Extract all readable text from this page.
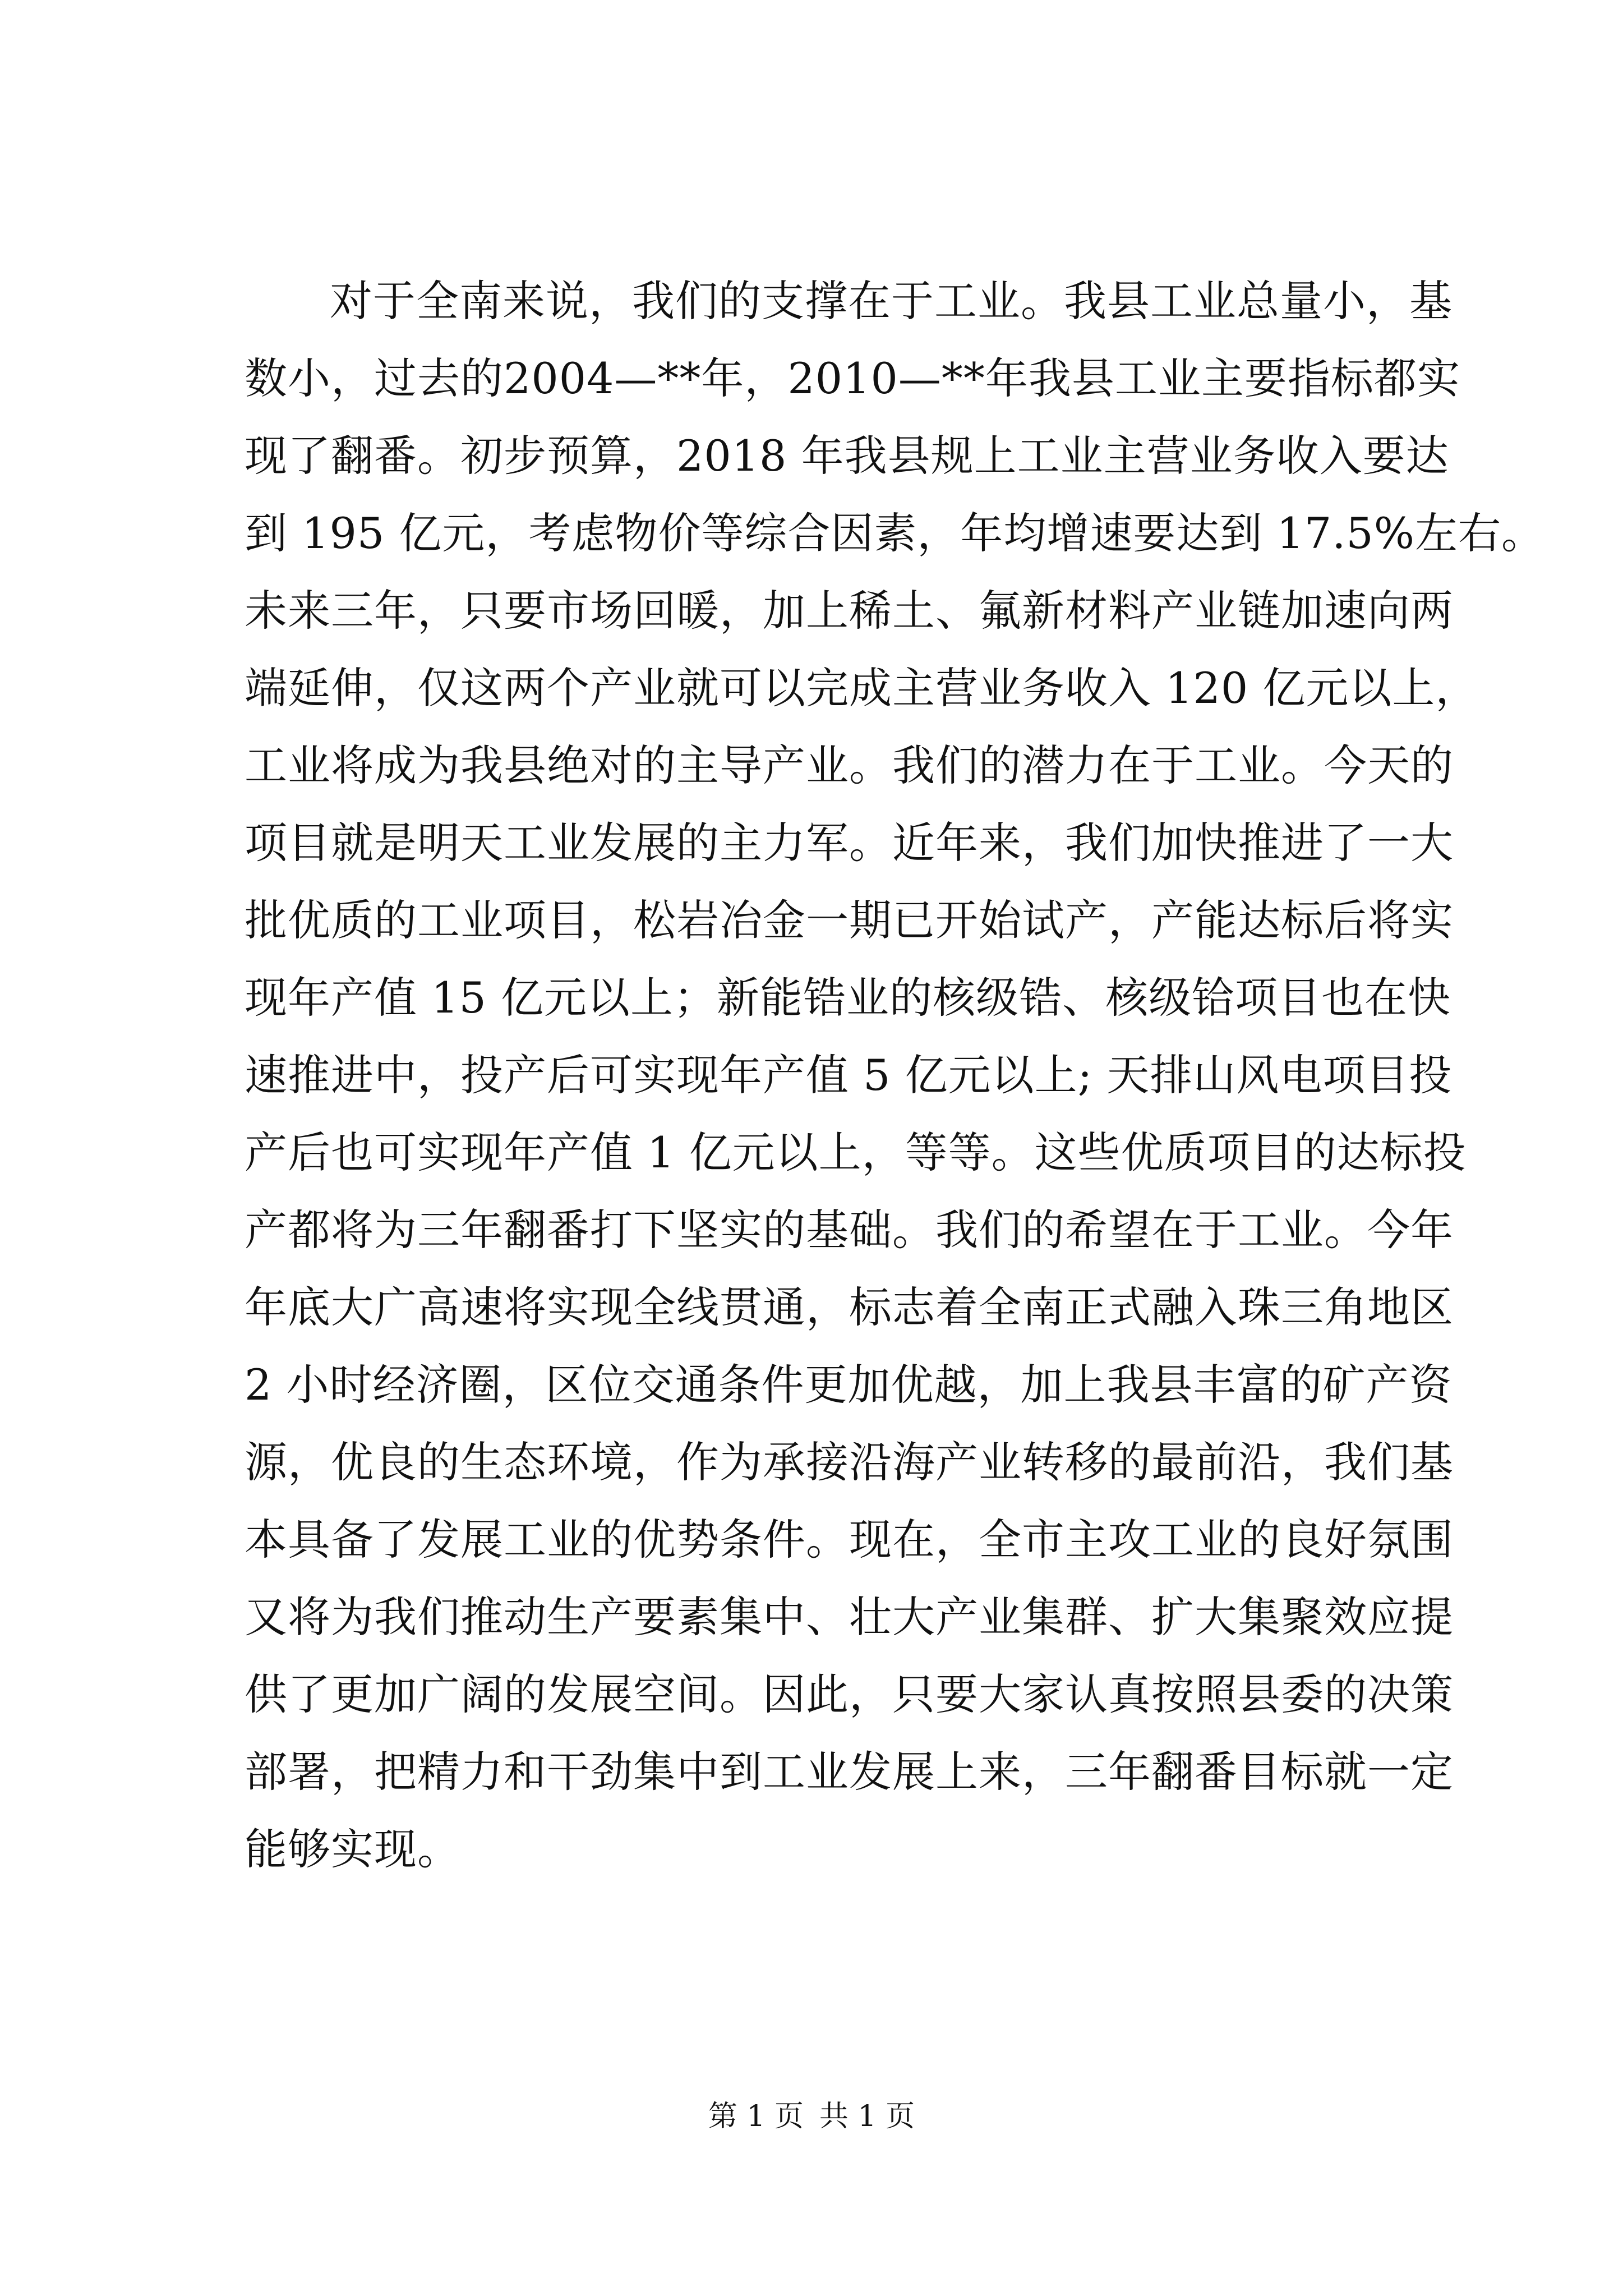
对于全南来说，我们的支撑在于工业。我县工业总量小，基
数小，过去的2004—**年，2010—**年我县工业主要指标都实
现了翻番。初步预算，2018 年我县规上工业主营业务收入要达
到 195 亿元，考虑物价等综合因素，年均增速要达到 17.5%左右。
未来三年，只要市场回暖，加上稀土、氟新材料产业链加速向两
端延伸，仅这两个产业就可以完成主营业务收入 120 亿元以上，
工业将成为我县绝对的主导产业。我们的潜力在于工业。今天的
项目就是明天工业发展的主力军。近年来，我们加快推进了一大
批优质的工业项目，松岩冶金一期已开始试产，产能达标后将实
现年产值 15 亿元以上；新能锆业的核级锆、核级铪项目也在快
速推进中，投产后可实现年产值 5 亿元以上; 天排山风电项目投
产后也可实现年产值 1 亿元以上，等等。这些优质项目的达标投
产都将为三年翻番打下坚实的基础。我们的希望在于工业。今年
年底大广高速将实现全线贯通，标志着全南正式融入珠三角地区
2 小时经济圈，区位交通条件更加优越，加上我县丰富的矿产资
源，优良的生态环境，作为承接沿海产业转移的最前沿，我们基
本具备了发展工业的优势条件。现在，全市主攻工业的良好氛围
又将为我们推动生产要素集中、壮大产业集群、扩大集聚效应提
供了更加广阔的发展空间。因此，只要大家认真按照县委的决策
部署，把精力和干劲集中到工业发展上来，三年翻番目标就一定
能够实现。
第 1 页 共 1 页
